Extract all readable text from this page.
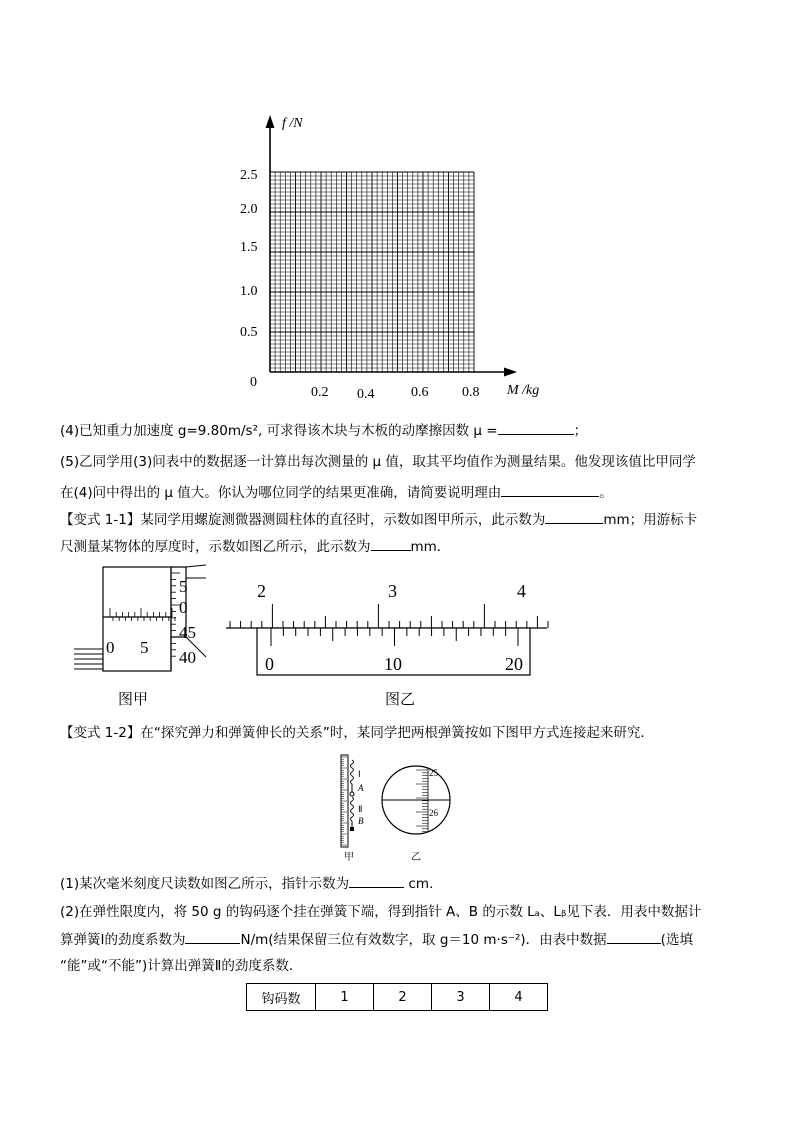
f /N
M /kg
0
0.5
1.0
1.5
2.0
2.5
0.2 0.4	0.6 0.8
(4)已知重力加速度 g=9.80m/s², 可求得该木块与木板的动摩擦因数 μ =	；
(5)乙同学用(3)问表中的数据逐一计算出每次测量的 μ 值，取其平均值作为测量结果。他发现该值比甲同学
在(4)问中得出的 μ 值大。你认为哪位同学的结果更准确，请简要说明理由	。
【变式 1-1】某同学用螺旋测微器测圆柱体的直径时，示数如图甲所示，此示数为	mm；用游标卡
尺测量某物体的厚度时，示数如图乙所示，此示数为	mm.
0 5
5
0
45
40
图甲
2	3	4
0	10	20
图乙
【变式 1-2】在“探究弹力和弹簧伸长的关系”时，某同学把两根弹簧按如下图甲方式连接起来研究．
Ⅰ
A
Ⅱ
B
25
26
甲	乙
(1)某次毫米刻度尺读数如图乙所示，指针示数为	cm.
(2)在弹性限度内，将 50 g 的钩码逐个挂在弹簧下端，得到指针 A、B 的示数 Lₐ、Lᵦ见下表．用表中数据计
算弹簧Ⅰ的劲度系数为	N/m(结果保留三位有效数字，取 g＝10 m·s⁻²)．由表中数据	(选填
“能”或“不能”)计算出弹簧Ⅱ的劲度系数．
钩码数	1	2	3	4
